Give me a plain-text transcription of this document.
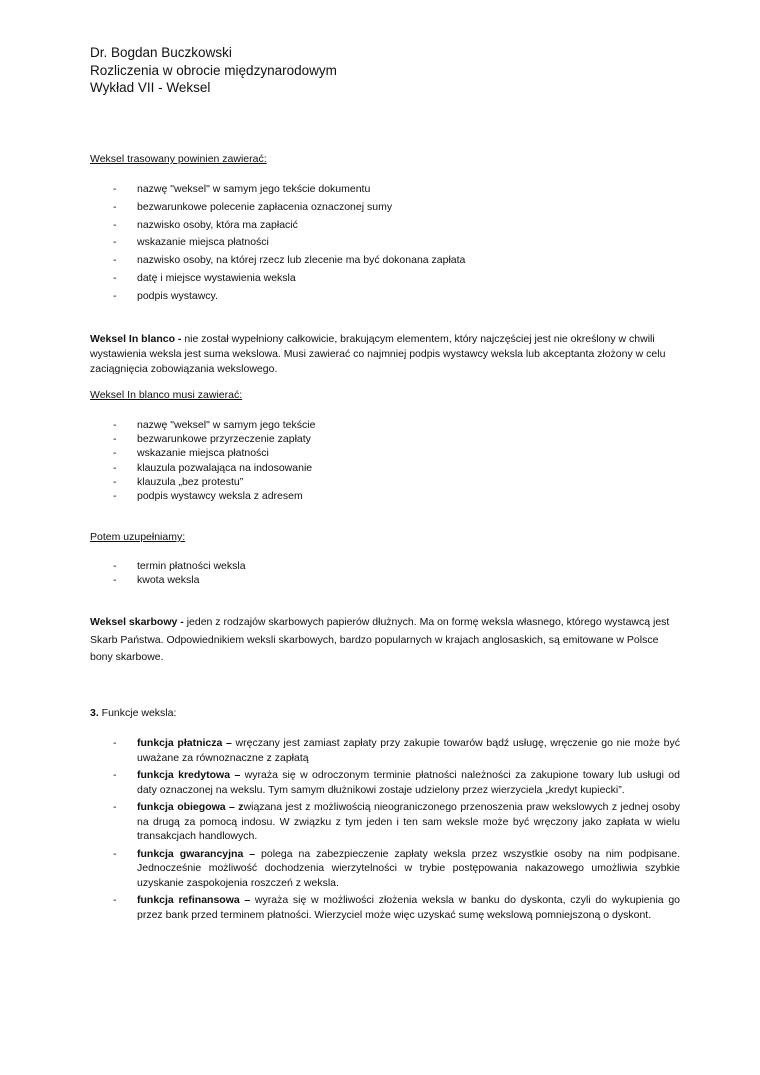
Dr. Bogdan Buczkowski
Rozliczenia w obrocie międzynarodowym
Wykład VII - Weksel
Weksel trasowany powinien zawierać:
- nazwę "weksel" w samym jego tekście dokumentu
- bezwarunkowe polecenie zapłacenia oznaczonej sumy
- nazwisko osoby, która ma zapłacić
- wskazanie miejsca płatności
- nazwisko osoby, na której rzecz lub zlecenie ma być dokonana zapłata
- datę i miejsce wystawienia weksla
- podpis wystawcy.
Weksel In blanco - nie został wypełniony całkowicie, brakującym elementem, który najczęściej jest nie określony w chwili
wystawienia weksla jest suma wekslowa. Musi zawierać co najmniej podpis wystawcy weksla lub akceptanta złożony w celu
zaciągnięcia zobowiązania wekslowego.
Weksel In blanco musi zawierać:
- nazwę "weksel" w samym jego tekście
- bezwarunkowe przyrzeczenie zapłaty
- wskazanie miejsca płatności
- klauzula pozwalająca na indosowanie
- klauzula „bez protestu”
- podpis wystawcy weksla z adresem
Potem uzupełniamy:
- termin płatności weksla
- kwota weksla
Weksel skarbowy - jeden z rodzajów skarbowych papierów dłużnych. Ma on formę weksla własnego, którego wystawcą jest
Skarb Państwa. Odpowiednikiem weksli skarbowych, bardzo popularnych w krajach anglosaskich, są emitowane w Polsce
bony skarbowe.
3. Funkcje weksla:
- funkcja płatnicza – wręczany jest zamiast zapłaty przy zakupie towarów bądź usługę, wręczenie go nie może być uważane za równoznaczne z zapłatą
- funkcja kredytowa – wyraża się w odroczonym terminie płatności należności za zakupione towary lub usługi od daty oznaczonej na wekslu. Tym samym dłużnikowi zostaje udzielony przez wierzyciela „kredyt kupiecki”.
- funkcja obiegowa – związana jest z możliwością nieograniczonego przenoszenia praw wekslowych z jednej osoby na drugą za pomocą indosu. W związku z tym jeden i ten sam weksle może być wręczony jako zapłata w wielu transakcjach handlowych.
- funkcja gwarancyjna – polega na zabezpieczenie zapłaty weksla przez wszystkie osoby na nim podpisane. Jednocześnie możliwość dochodzenia wierzytelności w trybie postępowania nakazowego umożliwia szybkie uzyskanie zaspokojenia roszczeń z weksla.
- funkcja refinansowa – wyraża się w możliwości złożenia weksla w banku do dyskonta, czyli do wykupienia go przez bank przed terminem płatności. Wierzyciel może więc uzyskać sumę wekslową pomniejszoną o dyskont.
